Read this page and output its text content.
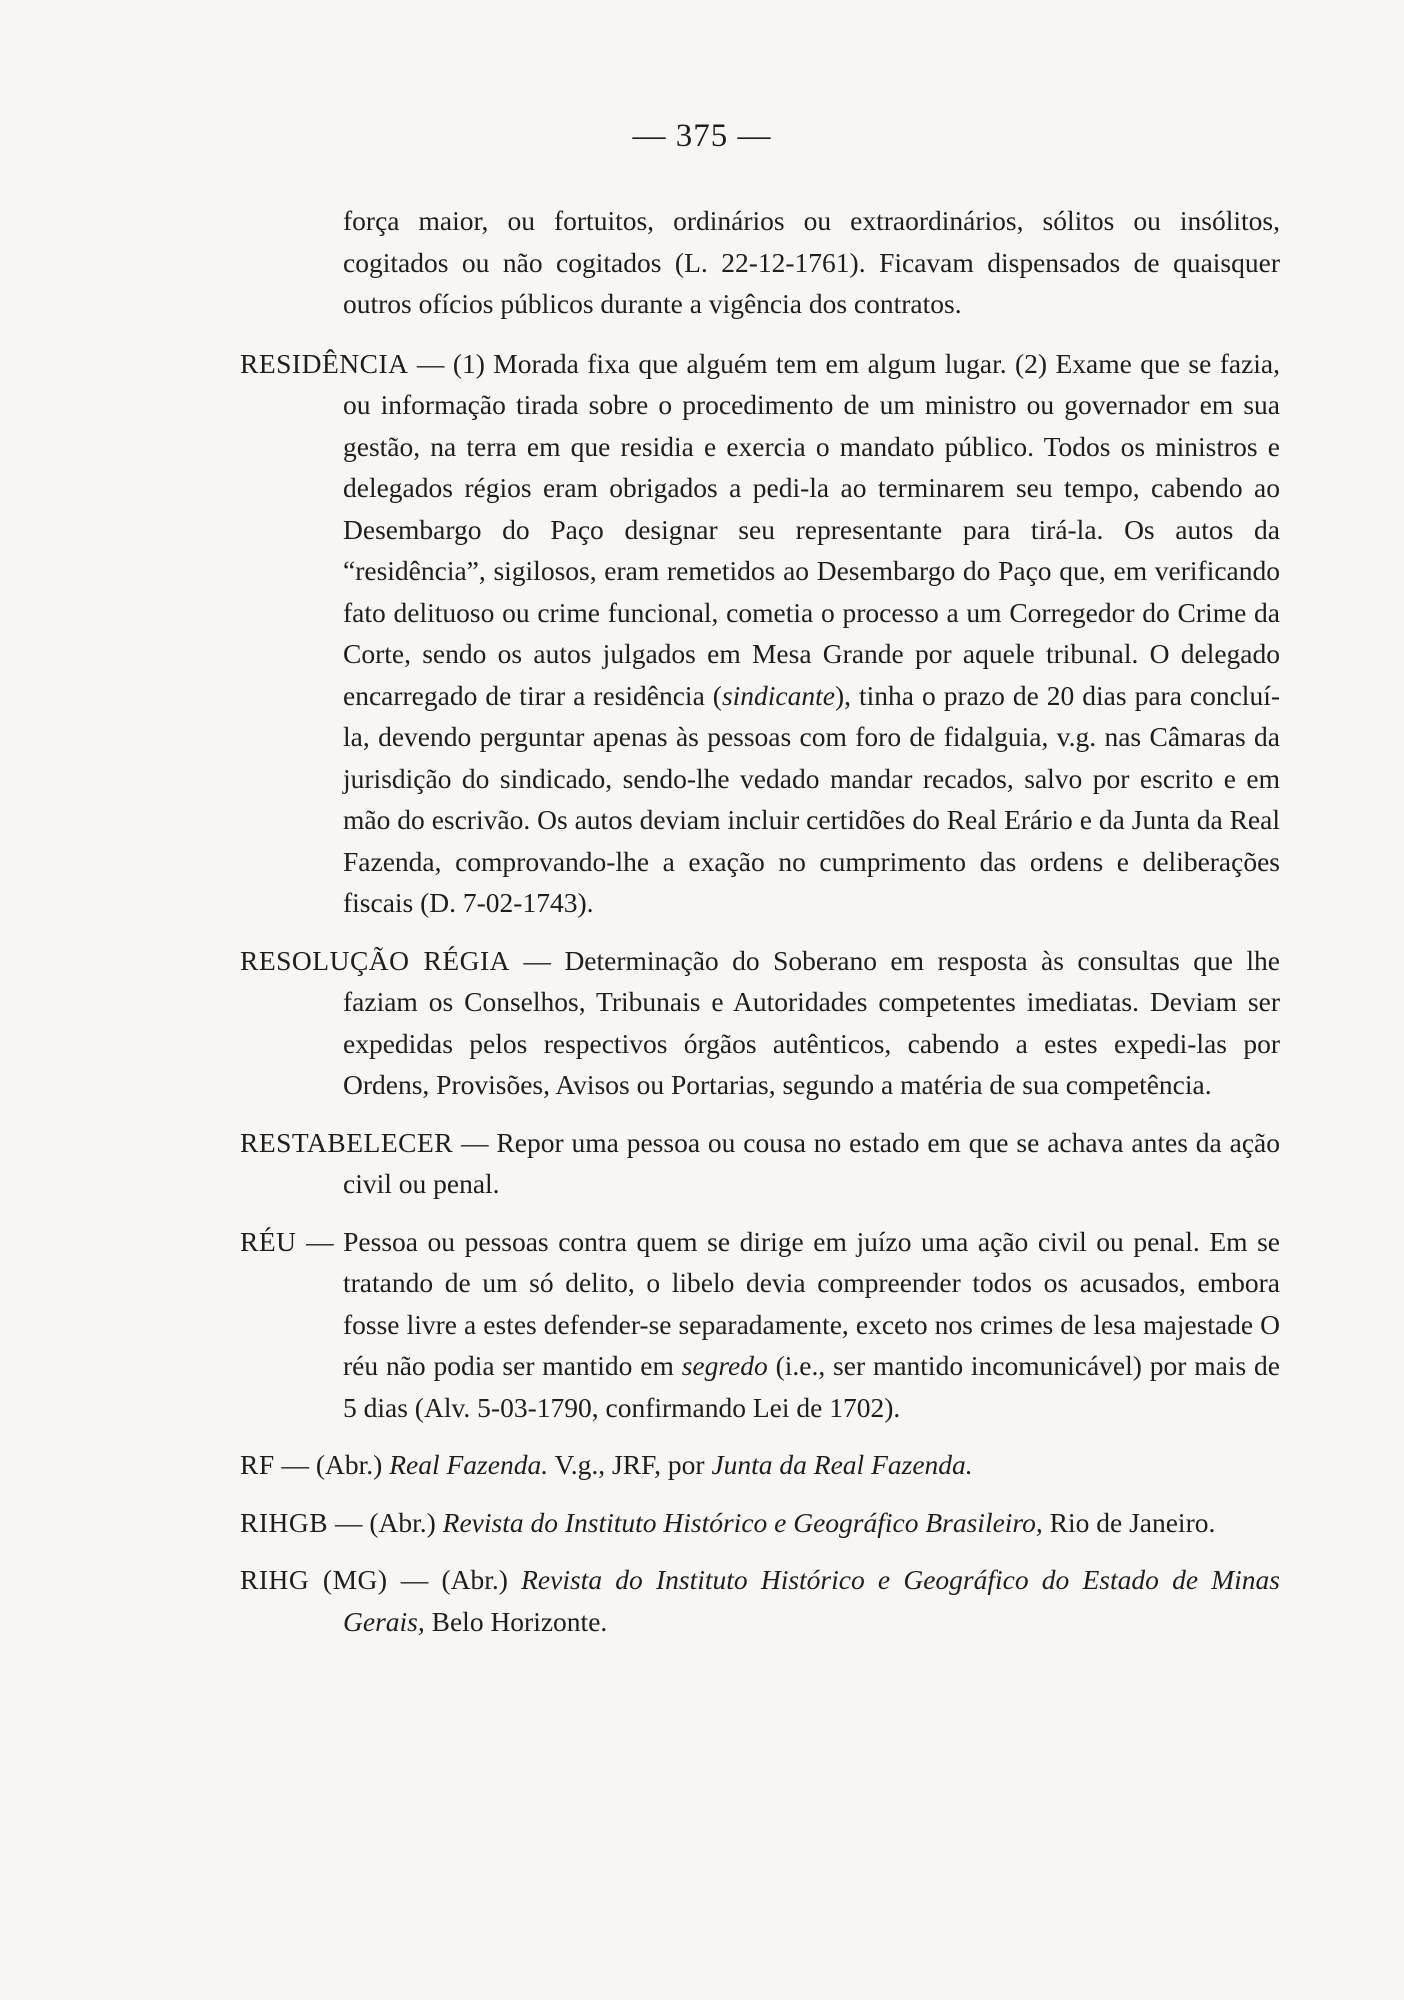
— 375 —

força maior, ou fortuitos, ordinários ou extraordinários, sólitos ou insólitos, cogitados ou não cogitados (L. 22-12-1761). Ficavam dispensados de quaisquer outros ofícios públicos durante a vigência dos contratos.

RESIDÊNCIA — (1) Morada fixa que alguém tem em algum lugar. (2) Exame que se fazia, ou informação tirada sobre o procedimento de um ministro ou governador em sua gestão, na terra em que residia e exercia o mandato público. Todos os ministros e delegados régios eram obrigados a pedi-la ao terminarem seu tempo, cabendo ao Desembargo do Paço designar seu representante para tirá-la. Os autos da “residência”, sigilosos, eram remetidos ao Desembargo do Paço que, em verificando fato delituoso ou crime funcional, cometia o processo a um Corregedor do Crime da Corte, sendo os autos julgados em Mesa Grande por aquele tribunal. O delegado encarregado de tirar a residência (sindicante), tinha o prazo de 20 dias para concluí-la, devendo perguntar apenas às pessoas com foro de fidalguia, v.g. nas Câmaras da jurisdição do sindicado, sendo-lhe vedado mandar recados, salvo por escrito e em mão do escrivão. Os autos deviam incluir certidões do Real Erário e da Junta da Real Fazenda, comprovando-lhe a exação no cumprimento das ordens e deliberações fiscais (D. 7-02-1743).

RESOLUÇÃO RÉGIA — Determinação do Soberano em resposta às consultas que lhe faziam os Conselhos, Tribunais e Autoridades competentes imediatas. Deviam ser expedidas pelos respectivos órgãos autênticos, cabendo a estes expedi-las por Ordens, Provisões, Avisos ou Portarias, segundo a matéria de sua competência.

RESTABELECER — Repor uma pessoa ou cousa no estado em que se achava antes da ação civil ou penal.

RÉU — Pessoa ou pessoas contra quem se dirige em juízo uma ação civil ou penal. Em se tratando de um só delito, o libelo devia compreender todos os acusados, embora fosse livre a estes defender-se separadamente, exceto nos crimes de lesa majestade O réu não podia ser mantido em segredo (i.e., ser mantido incomunicável) por mais de 5 dias (Alv. 5-03-1790, confirmando Lei de 1702).

RF — (Abr.) Real Fazenda. V.g., JRF, por Junta da Real Fazenda.

RIHGB — (Abr.) Revista do Instituto Histórico e Geográfico Brasileiro, Rio de Janeiro.

RIHG (MG) — (Abr.) Revista do Instituto Histórico e Geográfico do Estado de Minas Gerais, Belo Horizonte.
